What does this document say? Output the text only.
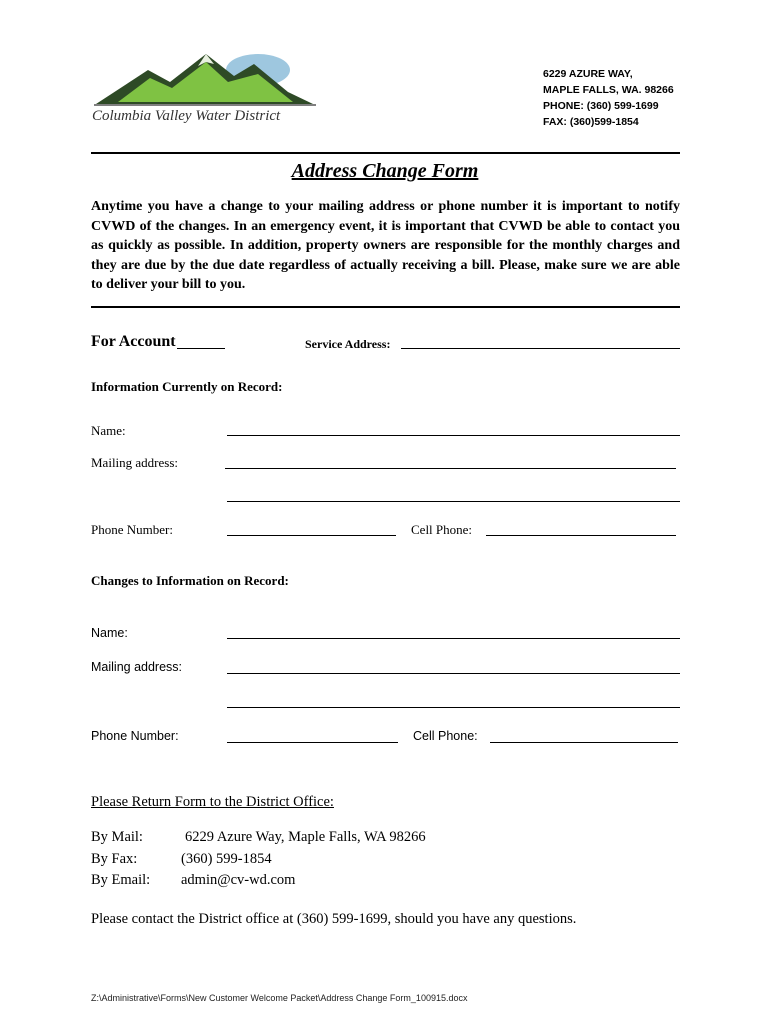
Columbia Valley Water District
6229 AZURE WAY,
MAPLE FALLS, WA. 98266
PHONE: (360) 599-1699
FAX: (360)599-1854
Address Change Form
Anytime you have a change to your mailing address or phone number it is important to notify CVWD of the changes. In an emergency event, it is important that CVWD be able to contact you as quickly as possible. In addition, property owners are responsible for the monthly charges and they are due by the due date regardless of actually receiving a bill. Please, make sure we are able to deliver your bill to you.
For Account	Service Address:
Information Currently on Record:
Name:
Mailing address:
Phone Number:	Cell Phone:
Changes to Information on Record:
Name:
Mailing address:
Phone Number:	Cell Phone:
Please Return Form to the District Office:
By Mail:	6229 Azure Way, Maple Falls, WA 98266
By Fax:	(360) 599-1854
By Email: admin@cv-wd.com
Please contact the District office at (360) 599-1699, should you have any questions.
Z:\Administrative\Forms\New Customer Welcome Packet\Address Change Form_100915.docx
